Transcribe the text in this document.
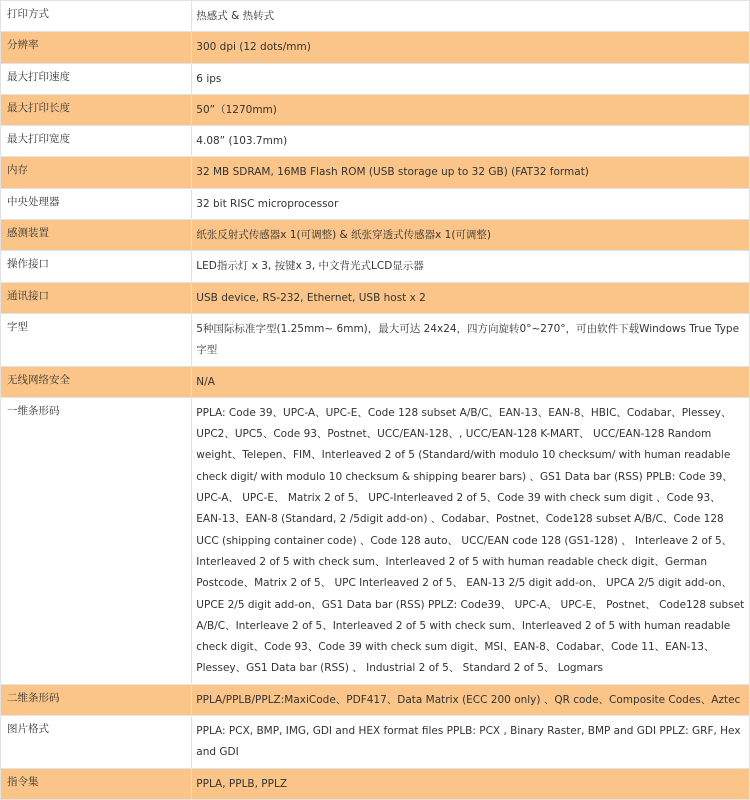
打印方式	热感式 & 热转式
分辨率	300 dpi (12 dots/mm)
最大打印速度	6 ips
最大打印长度	50”（1270mm)
最大打印宽度	4.08” (103.7mm)
内存	32 MB SDRAM, 16MB Flash ROM (USB storage up to 32 GB) (FAT32 format)
中央处理器	32 bit RISC microprocessor
感测装置	纸张反射式传感器x 1(可调整) & 纸张穿透式传感器x 1(可调整)
操作接口	LED指示灯 x 3, 按键x 3, 中文背光式LCD显示器
通讯接口	USB device, RS-232, Ethernet, USB host x 2
字型	5种国际标准字型(1.25mm~ 6mm)，最大可达 24x24，四方向旋转0°~270°，可由软件下载Windows True Type 字型
无线网络安全	N/A
一维条形码	PPLA: Code 39、UPC-A、UPC-E、Code 128 subset A/B/C、EAN-13、EAN-8、HBIC、Codabar、Plessey、UPC2、UPC5、Code 93、Postnet、UCC/EAN-128、, UCC/EAN-128 K-MART、 UCC/EAN-128 Random weight、Telepen、FIM、Interleaved 2 of 5 (Standard/with modulo 10 checksum/ with human readable check digit/ with modulo 10 checksum & shipping bearer bars) 、GS1 Data bar (RSS) PPLB: Code 39、 UPC-A、 UPC-E、 Matrix 2 of 5、 UPC-Interleaved 2 of 5、Code 39 with check sum digit 、Code 93、EAN-13、EAN-8 (Standard, 2 /5digit add-on) 、Codabar、Postnet、Code128 subset A/B/C、Code 128 UCC (shipping container code) 、Code 128 auto、 UCC/EAN code 128 (GS1-128) 、 Interleave 2 of 5、Interleaved 2 of 5 with check sum、Interleaved 2 of 5 with human readable check digit、German Postcode、Matrix 2 of 5、 UPC Interleaved 2 of 5、 EAN-13 2/5 digit add-on、 UPCA 2/5 digit add-on、UPCE 2/5 digit add-on、GS1 Data bar (RSS) PPLZ: Code39、 UPC-A、 UPC-E、 Postnet、 Code128 subset A/B/C、Interleave 2 of 5、Interleaved 2 of 5 with check sum、Interleaved 2 of 5 with human readable check digit、Code 93、Code 39 with check sum digit、MSI、EAN-8、Codabar、Code 11、EAN-13、Plessey、GS1 Data bar (RSS) 、 Industrial 2 of 5、 Standard 2 of 5、 Logmars
二维条形码	PPLA/PPLB/PPLZ:MaxiCode、PDF417、Data Matrix (ECC 200 only) 、QR code、Composite Codes、Aztec
图片格式	PPLA: PCX, BMP, IMG, GDI and HEX format files PPLB: PCX , Binary Raster, BMP and GDI PPLZ: GRF, Hex and GDI
指令集	PPLA, PPLB, PPLZ
